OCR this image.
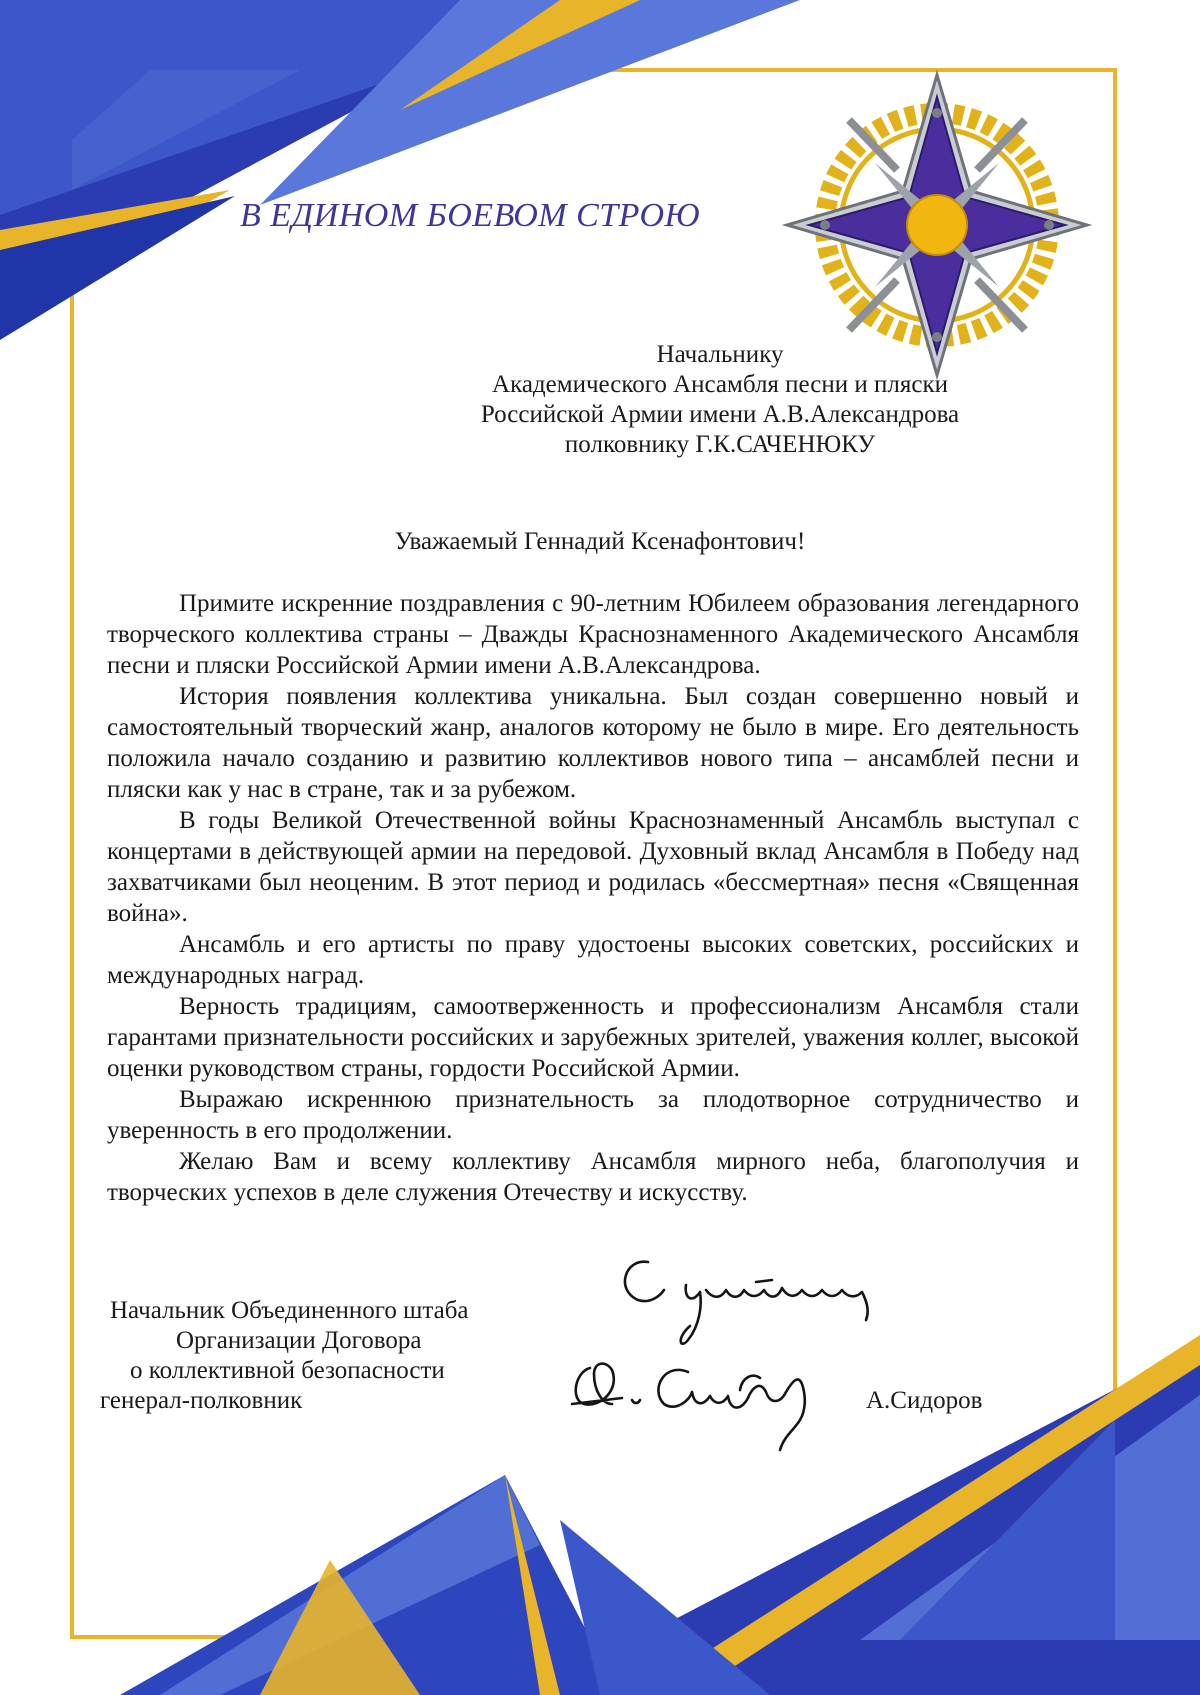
В ЕДИНОМ БОЕВОМ СТРОЮ
Начальнику
Академического Ансамбля песни и пляски
Российской Армии имени А.В.Александрова
полковнику Г.К.САЧЕНЮКУ
Уважаемый Геннадий Ксенафонтович!

Примите искренние поздравления с 90-летним Юбилеем образования легендарного творческого коллектива страны – Дважды Краснознаменного Академического Ансамбля песни и пляски Российской Армии имени А.В.Александрова.

История появления коллектива уникальна. Был создан совершенно новый и самостоятельный творческий жанр, аналогов которому не было в мире. Его деятельность положила начало созданию и развитию коллективов нового типа – ансамблей песни и пляски как у нас в стране, так и за рубежом.

В годы Великой Отечественной войны Краснознаменный Ансамбль выступал с концертами в действующей армии на передовой. Духовный вклад Ансамбля в Победу над захватчиками был неоценим. В этот период и родилась «бессмертная» песня «Священная война».

Ансамбль и его артисты по праву удостоены высоких советских, российских и международных наград.

Верность традициям, самоотверженность и профессионализм Ансамбля стали гарантами признательности российских и зарубежных зрителей, уважения коллег, высокой оценки руководством страны, гордости Российской Армии.

Выражаю искреннюю признательность за плодотворное сотрудничество и уверенность в его продолжении.

Желаю Вам и всему коллективу Ансамбля мирного неба, благополучия и творческих успехов в деле служения Отечеству и искусству.

Начальник Объединенного штаба
Организации Договора
о коллективной безопасности
генерал-полковник	А.Сидоров
